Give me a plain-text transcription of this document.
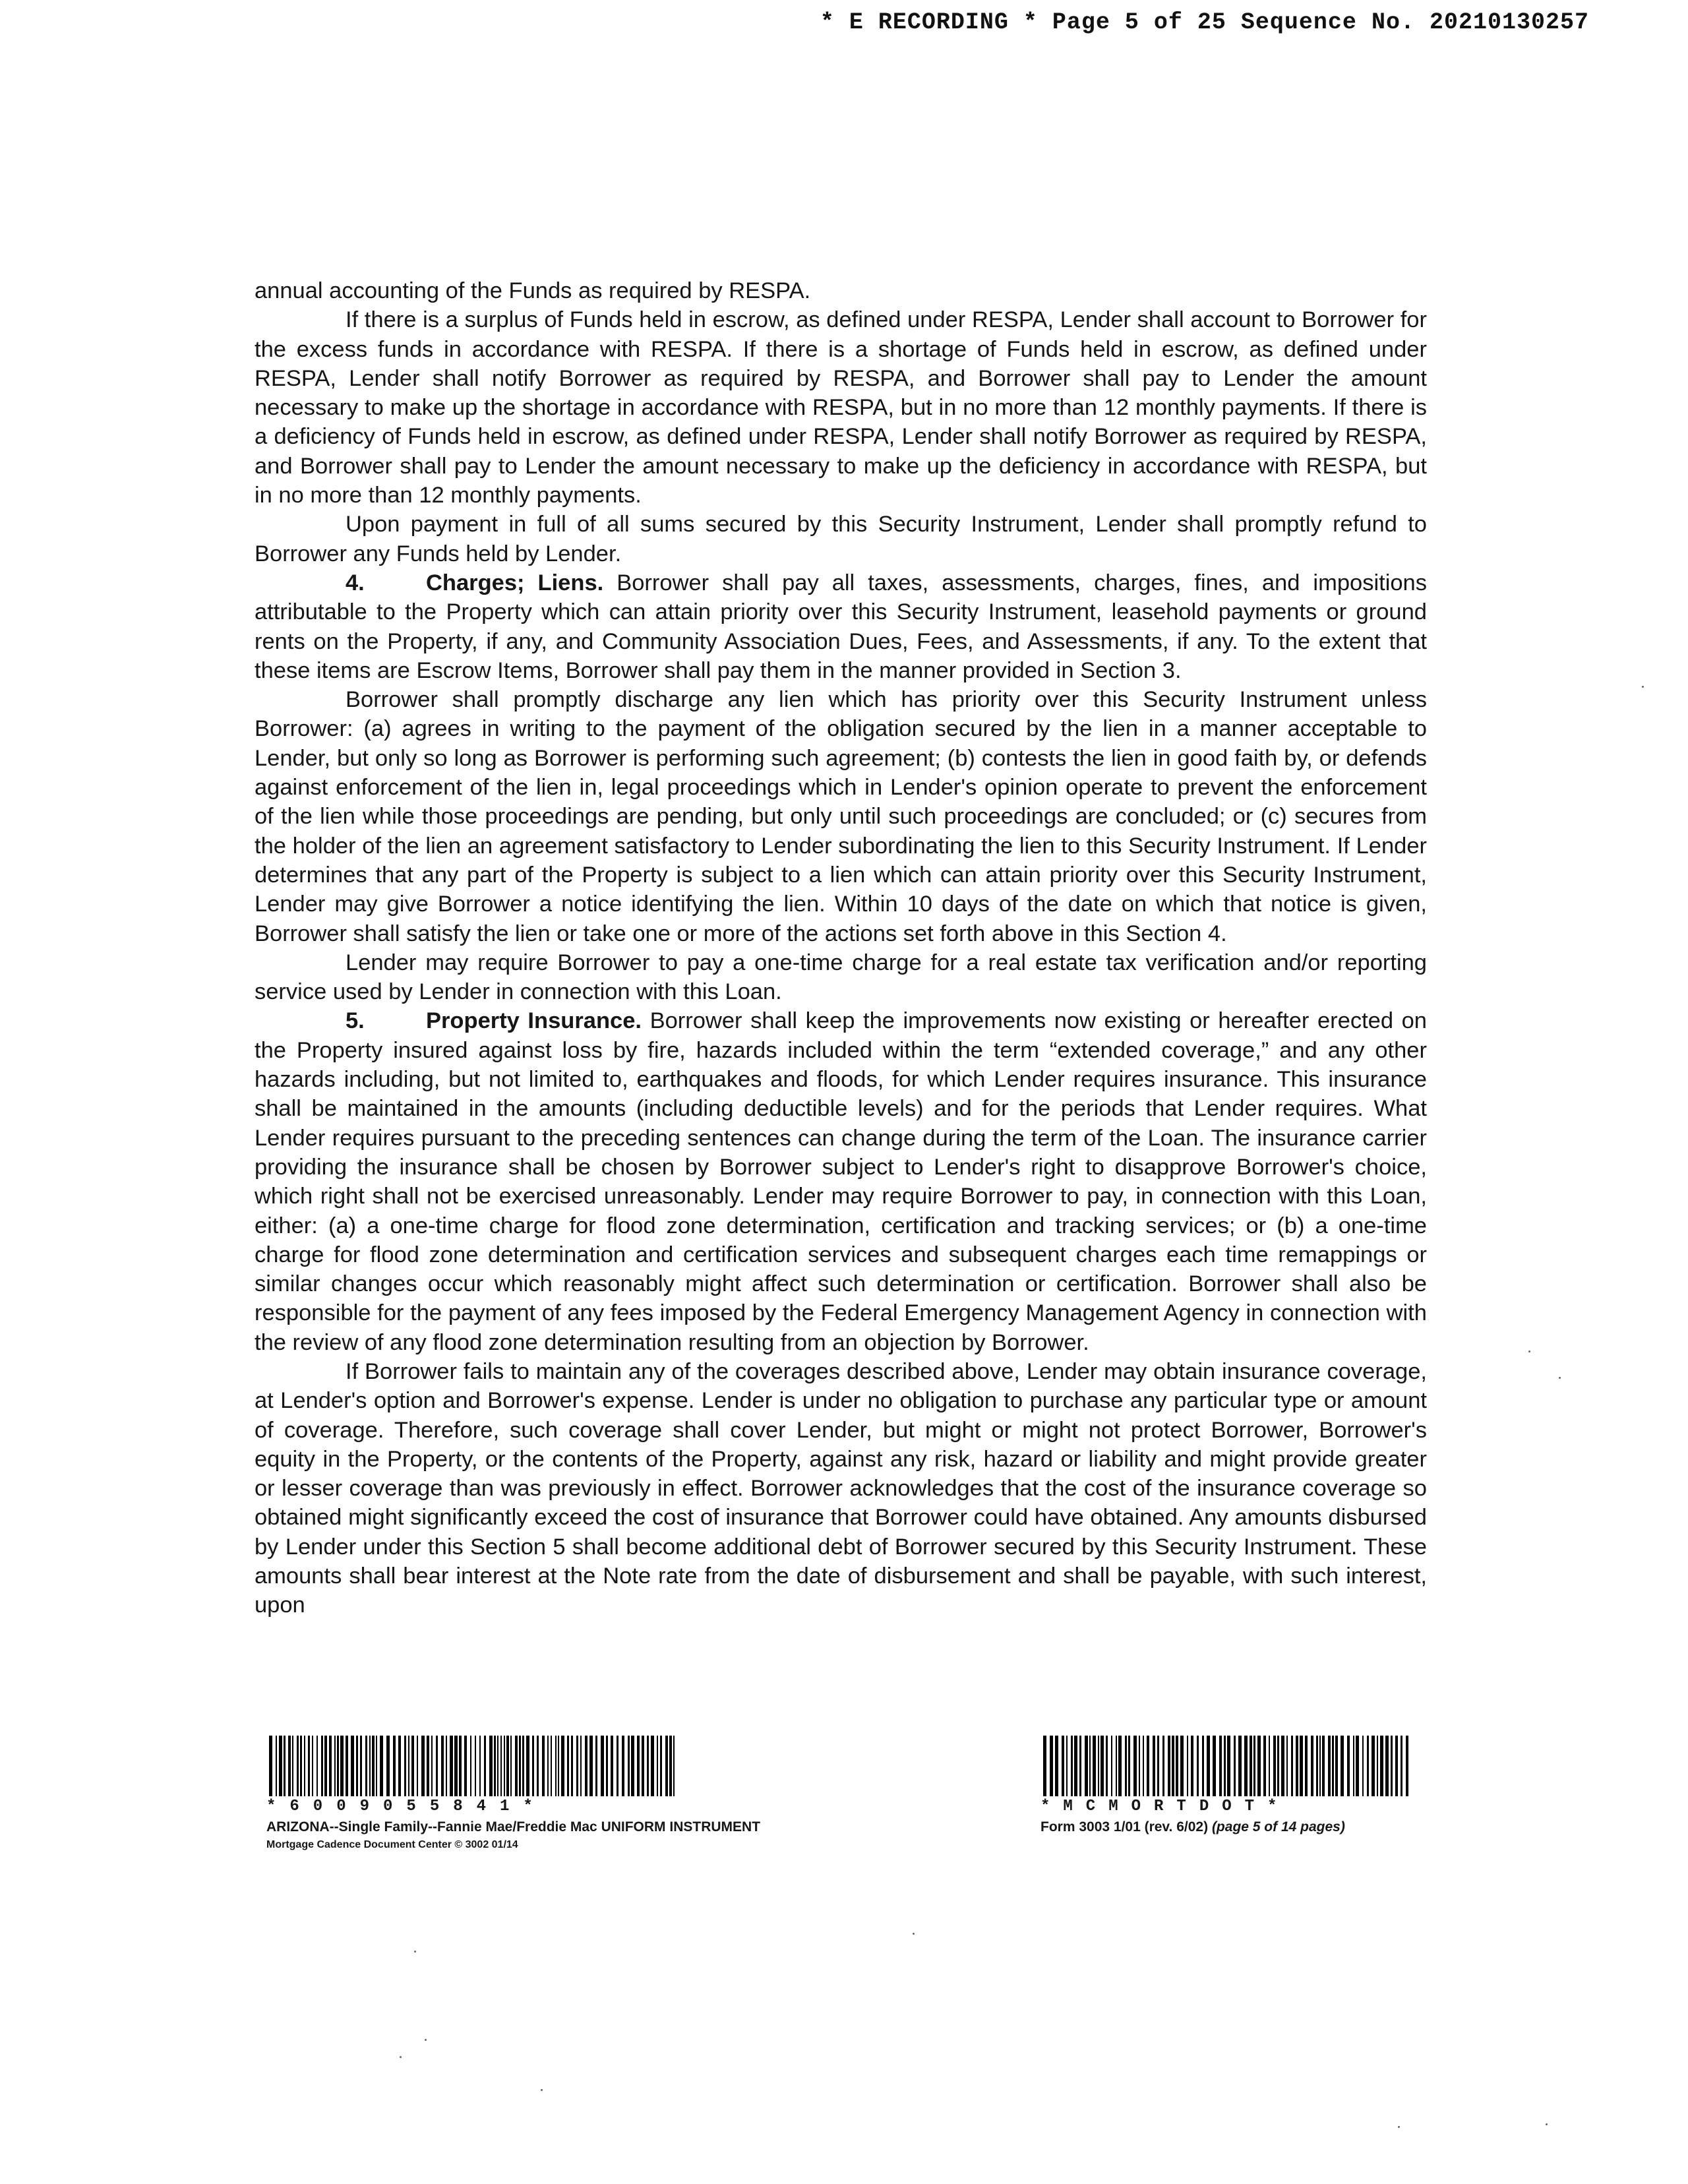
* E RECORDING * Page 5 of 25 Sequence No. 20210130257

annual accounting of the Funds as required by RESPA.

If there is a surplus of Funds held in escrow, as defined under RESPA, Lender shall account to Borrower for the excess funds in accordance with RESPA. If there is a shortage of Funds held in escrow, as defined under RESPA, Lender shall notify Borrower as required by RESPA, and Borrower shall pay to Lender the amount necessary to make up the shortage in accordance with RESPA, but in no more than 12 monthly payments. If there is a deficiency of Funds held in escrow, as defined under RESPA, Lender shall notify Borrower as required by RESPA, and Borrower shall pay to Lender the amount necessary to make up the deficiency in accordance with RESPA, but in no more than 12 monthly payments.

Upon payment in full of all sums secured by this Security Instrument, Lender shall promptly refund to Borrower any Funds held by Lender.

4.	Charges; Liens. Borrower shall pay all taxes, assessments, charges, fines, and impositions attributable to the Property which can attain priority over this Security Instrument, leasehold payments or ground rents on the Property, if any, and Community Association Dues, Fees, and Assessments, if any. To the extent that these items are Escrow Items, Borrower shall pay them in the manner provided in Section 3.

Borrower shall promptly discharge any lien which has priority over this Security Instrument unless Borrower: (a) agrees in writing to the payment of the obligation secured by the lien in a manner acceptable to Lender, but only so long as Borrower is performing such agreement; (b) contests the lien in good faith by, or defends against enforcement of the lien in, legal proceedings which in Lender's opinion operate to prevent the enforcement of the lien while those proceedings are pending, but only until such proceedings are concluded; or (c) secures from the holder of the lien an agreement satisfactory to Lender subordinating the lien to this Security Instrument. If Lender determines that any part of the Property is subject to a lien which can attain priority over this Security Instrument, Lender may give Borrower a notice identifying the lien. Within 10 days of the date on which that notice is given, Borrower shall satisfy the lien or take one or more of the actions set forth above in this Section 4.

Lender may require Borrower to pay a one-time charge for a real estate tax verification and/or reporting service used by Lender in connection with this Loan.

5.	Property Insurance. Borrower shall keep the improvements now existing or hereafter erected on the Property insured against loss by fire, hazards included within the term “extended coverage,” and any other hazards including, but not limited to, earthquakes and floods, for which Lender requires insurance. This insurance shall be maintained in the amounts (including deductible levels) and for the periods that Lender requires. What Lender requires pursuant to the preceding sentences can change during the term of the Loan. The insurance carrier providing the insurance shall be chosen by Borrower subject to Lender's right to disapprove Borrower's choice, which right shall not be exercised unreasonably. Lender may require Borrower to pay, in connection with this Loan, either: (a) a one-time charge for flood zone determination, certification and tracking services; or (b) a one-time charge for flood zone determination and certification services and subsequent charges each time remappings or similar changes occur which reasonably might affect such determination or certification. Borrower shall also be responsible for the payment of any fees imposed by the Federal Emergency Management Agency in connection with the review of any flood zone determination resulting from an objection by Borrower.

If Borrower fails to maintain any of the coverages described above, Lender may obtain insurance coverage, at Lender's option and Borrower's expense. Lender is under no obligation to purchase any particular type or amount of coverage. Therefore, such coverage shall cover Lender, but might or might not protect Borrower, Borrower's equity in the Property, or the contents of the Property, against any risk, hazard or liability and might provide greater or lesser coverage than was previously in effect. Borrower acknowledges that the cost of the insurance coverage so obtained might significantly exceed the cost of insurance that Borrower could have obtained. Any amounts disbursed by Lender under this Section 5 shall become additional debt of Borrower secured by this Security Instrument. These amounts shall bear interest at the Note rate from the date of disbursement and shall be payable, with such interest, upon

*6009055841*
ARIZONA--Single Family--Fannie Mae/Freddie Mac UNIFORM INSTRUMENT
Mortgage Cadence Document Center © 3002 01/14
*MCMORTDOT*
Form 3003 1/01 (rev. 6/02) (page 5 of 14 pages)
